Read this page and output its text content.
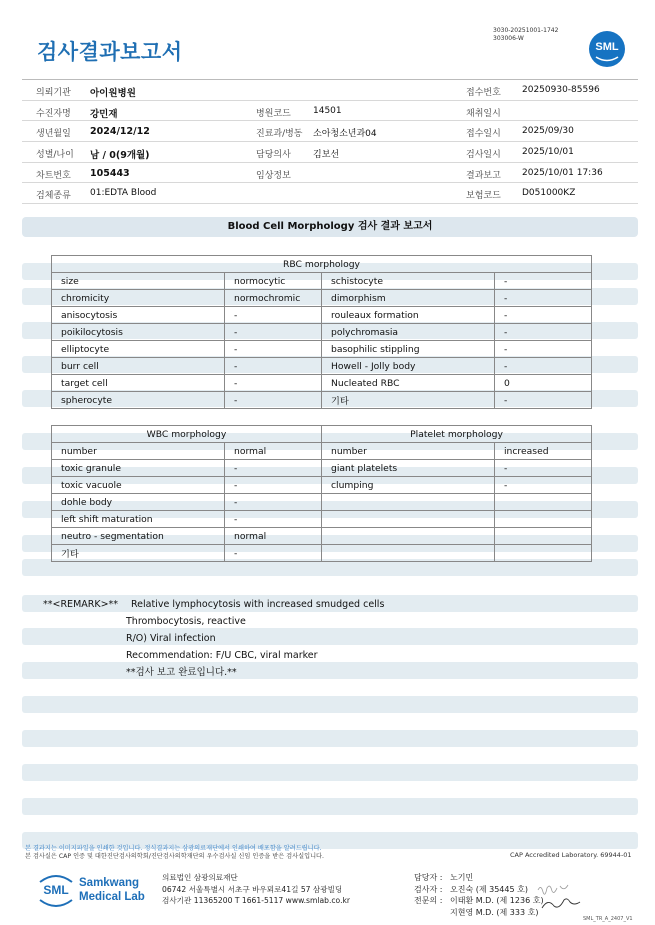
3030-20251001-1742
303006-W
검사결과보고서	SML
의뢰기관 아이원병원	접수번호 20250930-85596
수진자명 강민재	병원코드 14501	채취일시
생년월일 2024/12/12	진료과/병동 소아청소년과04	접수일시 2025/09/30
성별/나이 남 / 0(9개월)	담당의사 김보선	검사일시 2025/10/01
차트번호 105443	임상정보	결과보고 2025/10/01 17:36
검체종류 01:EDTA Blood	보험코드 D051000KZ
Blood Cell Morphology 검사 결과 보고서
RBC morphology			
size	normocytic	schistocyte	-
chromicity	normochromic	dimorphism	-
anisocytosis	-	rouleaux formation	-
poikilocytosis	-	polychromasia	-
elliptocyte	-	basophilic stippling	-
burr cell	-	Howell - Jolly body	-
target cell	-	Nucleated RBC	0
spherocyte	-	기타	-
WBC morphology		Platelet morphology	
number	normal	number	increased
toxic granule	-	giant platelets	-
toxic vacuole	-	clumping	-
dohle body	-		
left shift maturation	-		
neutro - segmentation	normal		
기타	-		
**<REMARK>** Relative lymphocytosis with increased smudged cells
Thrombocytosis, reactive
R/O) Viral infection
Recommendation: F/U CBC, viral marker
**검사 보고 완료입니다.**
본 결과지는 이미지파일을 인쇄한 것입니다. 정식결과지는 삼광의료재단에서 인쇄하여 배포함을 알려드립니다.
본 검사실은 CAP 인증 및 대한진단검사의학회/진단검사의학재단의 우수검사실 신임 인증을 받은 검사실입니다.	CAP Accredited Laboratory. 69944-01
SML Samkwang
Medical Lab
의료법인 삼광의료재단
06742 서울특별시 서초구 바우뫼로41길 57 삼광빌딩
검사기관 11365200 T 1661-5117 www.smlab.co.kr
담당자 : 노기민
검사자 : 오진숙 (제 35445 호)
전문의 : 이태환 M.D. (제 1236 호)
지현영 M.D. (제 333 호)
SML_TR_A_2407_V1
